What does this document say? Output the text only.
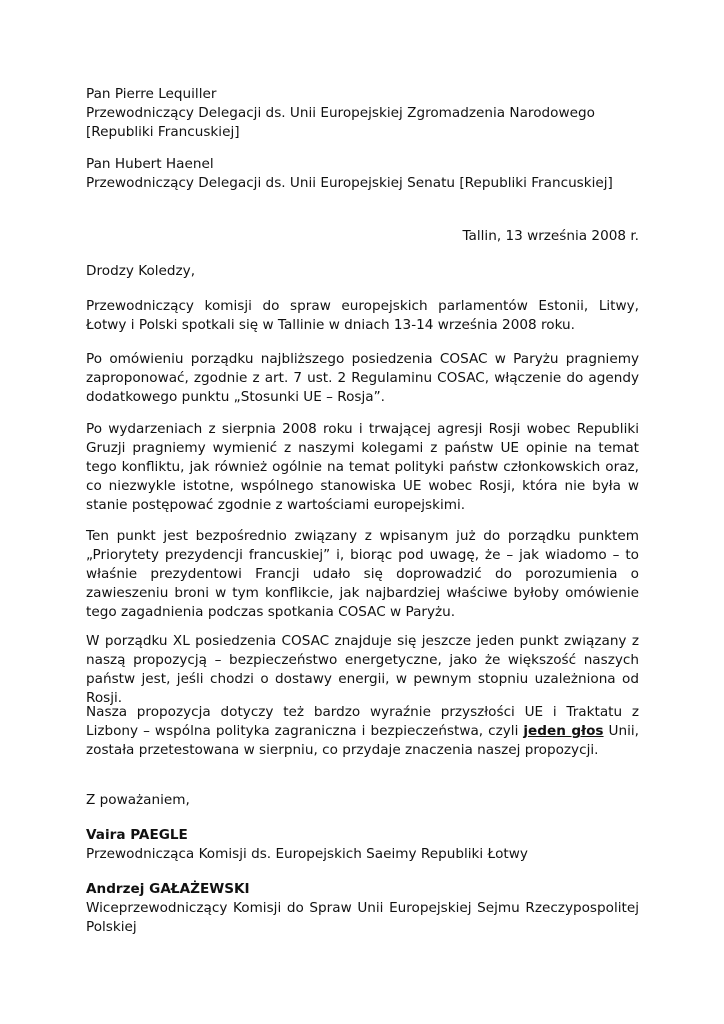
Pan Pierre Lequiller

Przewodniczący Delegacji ds. Unii Europejskiej Zgromadzenia Narodowego [Republiki Francuskiej]

Pan Hubert Haenel

Przewodniczący Delegacji ds. Unii Europejskiej Senatu [Republiki Francuskiej]

Tallin, 13 września 2008 r.
Drodzy Koledzy,
Przewodniczący komisji do spraw europejskich parlamentów Estonii, Litwy, Łotwy i Polski spotkali się w Tallinie w dniach 13-14 września 2008 roku.
Po omówieniu porządku najbliższego posiedzenia COSAC w Paryżu pragniemy zaproponować, zgodnie z art. 7 ust. 2 Regulaminu COSAC, włączenie do agendy dodatkowego punktu „Stosunki UE – Rosja”.
Po wydarzeniach z sierpnia 2008 roku i trwającej agresji Rosji wobec Republiki Gruzji pragniemy wymienić z naszymi kolegami z państw UE opinie na temat tego konfliktu, jak również ogólnie na temat polityki państw członkowskich oraz, co niezwykle istotne, wspólnego stanowiska UE wobec Rosji, która nie była w stanie postępować zgodnie z wartościami europejskimi.
Ten punkt jest bezpośrednio związany z wpisanym już do porządku punktem „Priorytety prezydencji francuskiej” i, biorąc pod uwagę, że – jak wiadomo – to właśnie prezydentowi Francji udało się doprowadzić do porozumienia o zawieszeniu broni w tym konflikcie, jak najbardziej właściwe byłoby omówienie tego zagadnienia podczas spotkania COSAC w Paryżu.
W porządku XL posiedzenia COSAC znajduje się jeszcze jeden punkt związany z naszą propozycją – bezpieczeństwo energetyczne, jako że większość naszych państw jest, jeśli chodzi o dostawy energii, w pewnym stopniu uzależniona od Rosji.
Nasza propozycja dotyczy też bardzo wyraźnie przyszłości UE i Traktatu z Lizbony – wspólna polityka zagraniczna i bezpieczeństwa, czyli jeden głos Unii, została przetestowana w sierpniu, co przydaje znaczenia naszej propozycji.
Z poważaniem,

Vaira PAEGLE

Przewodnicząca Komisji ds. Europejskich Saeimy Republiki Łotwy

Andrzej GAŁAŻEWSKI

Wiceprzewodniczący Komisji do Spraw Unii Europejskiej Sejmu Rzeczypospolitej Polskiej
